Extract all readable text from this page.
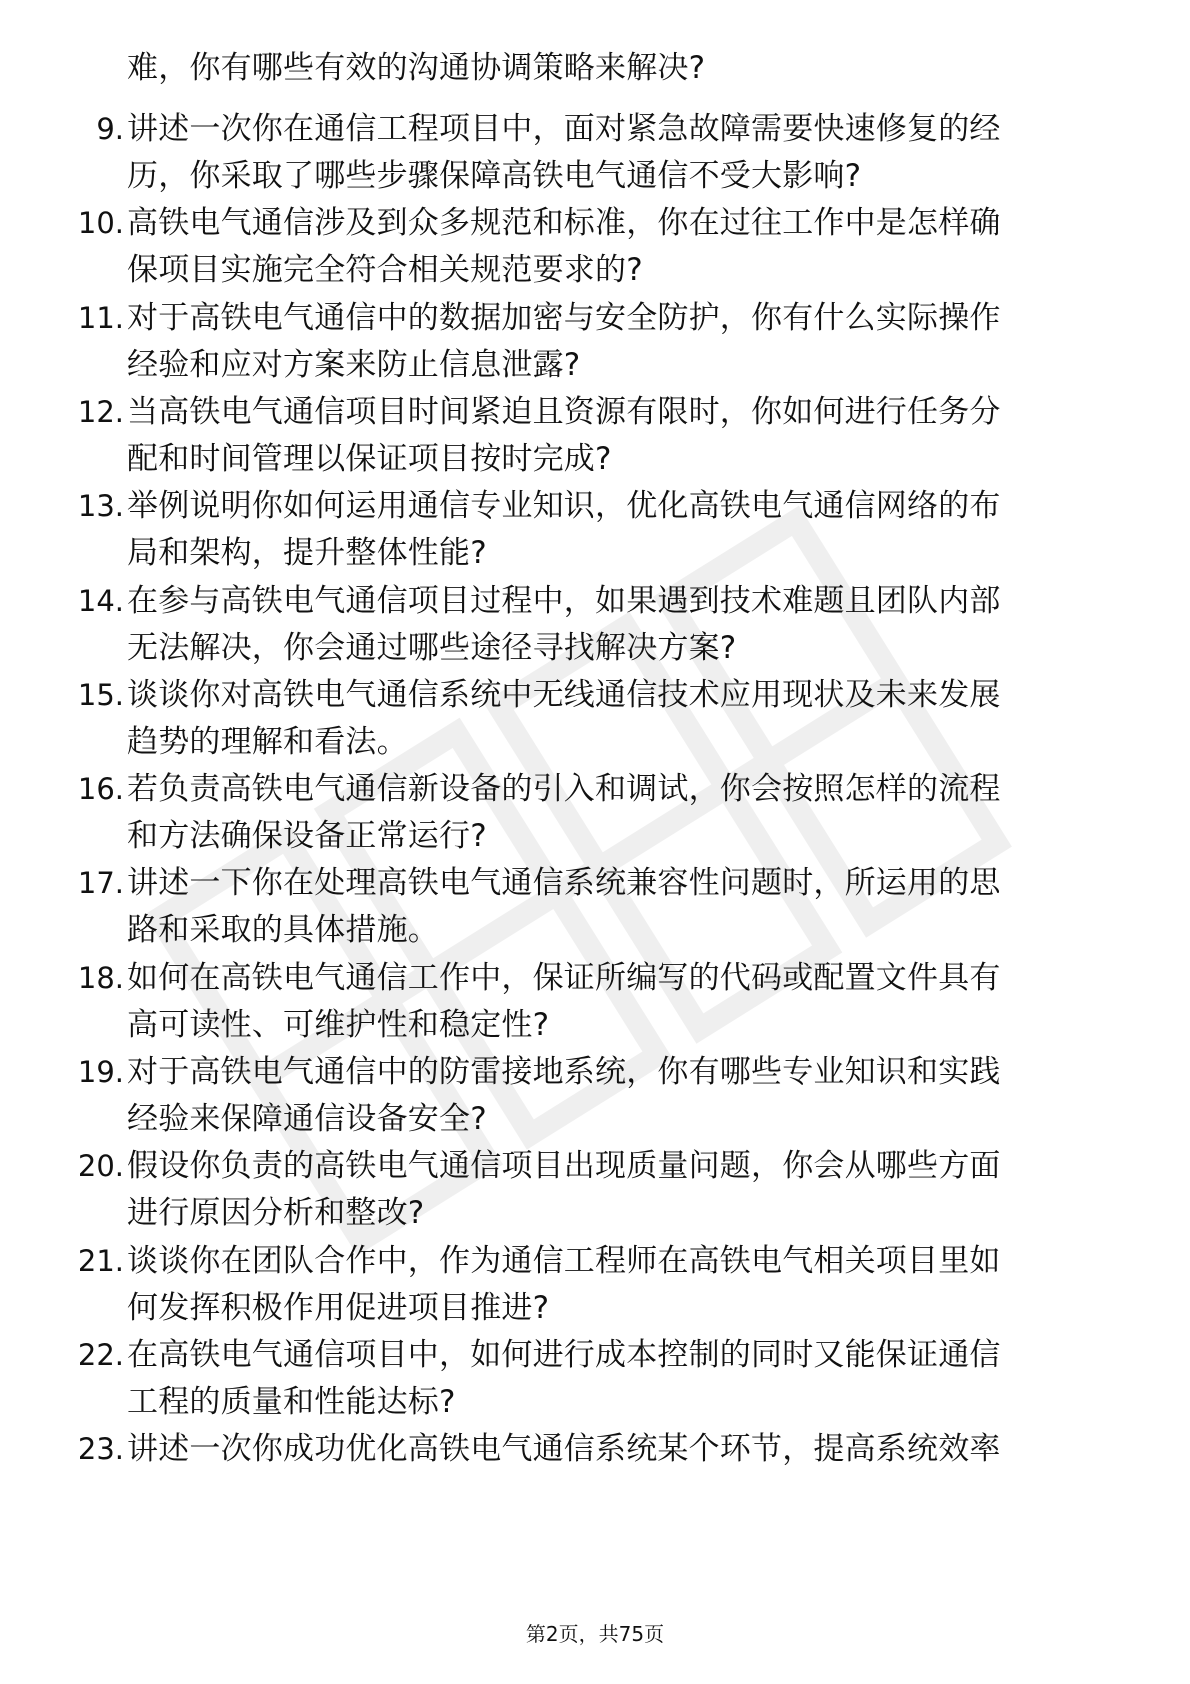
难，你有哪些有效的沟通协调策略来解决?
9. 讲述一次你在通信工程项目中，面对紧急故障需要快速修复的经
历，你采取了哪些步骤保障高铁电气通信不受大影响?
10. 高铁电气通信涉及到众多规范和标准，你在过往工作中是怎样确
保项目实施完全符合相关规范要求的?
11. 对于高铁电气通信中的数据加密与安全防护，你有什么实际操作
经验和应对方案来防止信息泄露?
12. 当高铁电气通信项目时间紧迫且资源有限时，你如何进行任务分
配和时间管理以保证项目按时完成?
13. 举例说明你如何运用通信专业知识，优化高铁电气通信网络的布
局和架构，提升整体性能?
14. 在参与高铁电气通信项目过程中，如果遇到技术难题且团队内部
无法解决，你会通过哪些途径寻找解决方案?
15. 谈谈你对高铁电气通信系统中无线通信技术应用现状及未来发展
趋势的理解和看法。
16. 若负责高铁电气通信新设备的引入和调试，你会按照怎样的流程
和方法确保设备正常运行?
17. 讲述一下你在处理高铁电气通信系统兼容性问题时，所运用的思
路和采取的具体措施。
18. 如何在高铁电气通信工作中，保证所编写的代码或配置文件具有
高可读性、可维护性和稳定性?
19. 对于高铁电气通信中的防雷接地系统，你有哪些专业知识和实践
经验来保障通信设备安全?
20. 假设你负责的高铁电气通信项目出现质量问题，你会从哪些方面
进行原因分析和整改?
21. 谈谈你在团队合作中，作为通信工程师在高铁电气相关项目里如
何发挥积极作用促进项目推进?
22. 在高铁电气通信项目中，如何进行成本控制的同时又能保证通信
工程的质量和性能达标?
23. 讲述一次你成功优化高铁电气通信系统某个环节，提高系统效率
第2页，共75页
